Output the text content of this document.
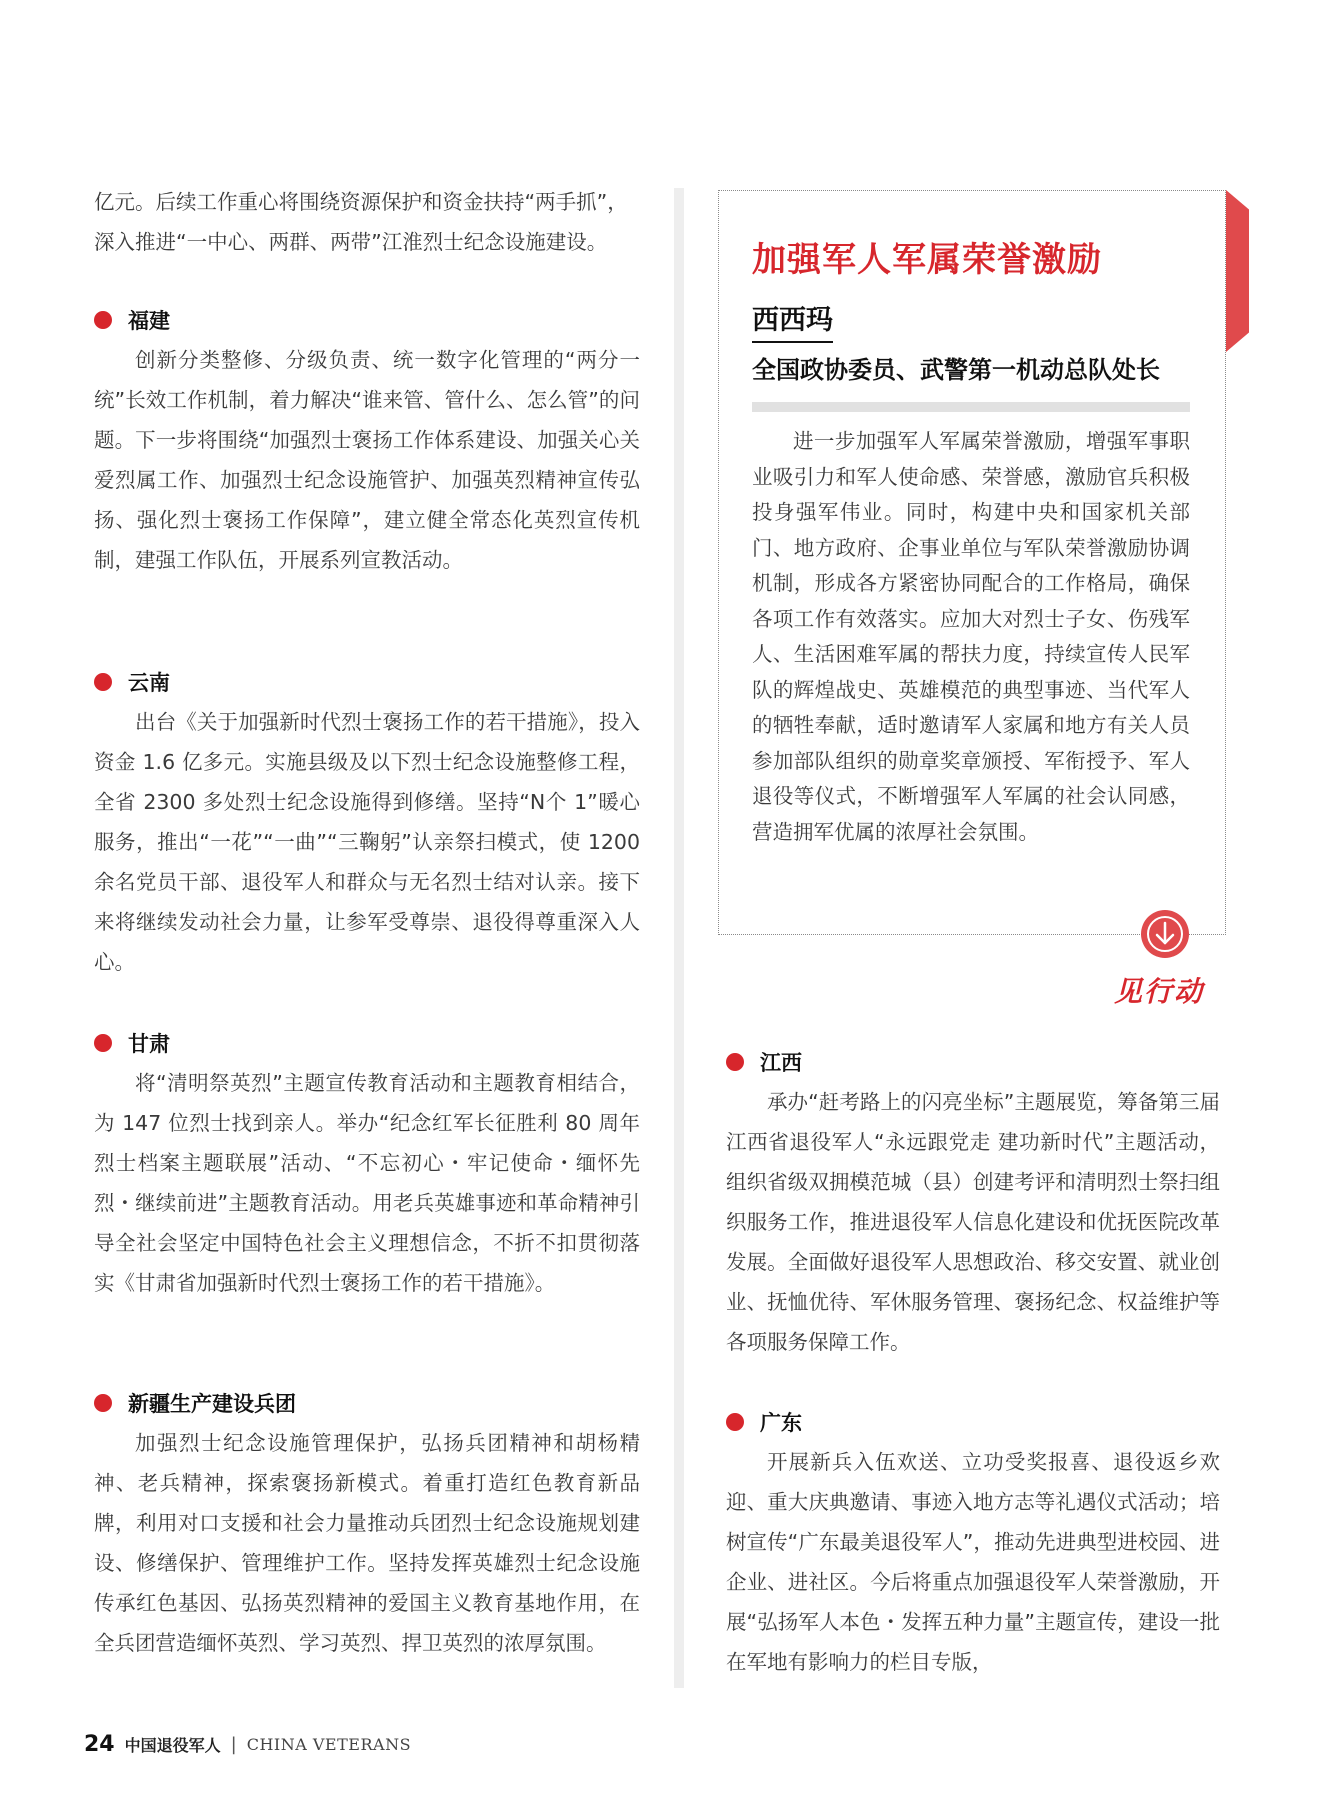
亿元。后续工作重心将围绕资源保护和资金扶持“两手抓”，

深入推进“一中心、两群、两带”江淮烈士纪念设施建设。

福建

创新分类整修、分级负责、统一数字化管理的“两分一统”长效工作机制，着力解决“谁来管、管什么、怎么管”的问题。下一步将围绕“加强烈士褒扬工作体系建设、加强关心关爱烈属工作、加强烈士纪念设施管护、加强英烈精神宣传弘扬、强化烈士褒扬工作保障”，建立健全常态化英烈宣传机制，建强工作队伍，开展系列宣教活动。

云南

出台《关于加强新时代烈士褒扬工作的若干措施》，投入资金 1.6 亿多元。实施县级及以下烈士纪念设施整修工程，全省 2300 多处烈士纪念设施得到修缮。坚持“N个 1”暖心服务，推出“一花”“一曲”“三鞠躬”认亲祭扫模式，使 1200 余名党员干部、退役军人和群众与无名烈士结对认亲。接下来将继续发动社会力量，让参军受尊崇、退役得尊重深入人心。

甘肃

将“清明祭英烈”主题宣传教育活动和主题教育相结合，为 147 位烈士找到亲人。举办“纪念红军长征胜利 80 周年烈士档案主题联展”活动、“不忘初心・牢记使命・缅怀先烈・继续前进”主题教育活动。用老兵英雄事迹和革命精神引导全社会坚定中国特色社会主义理想信念，不折不扣贯彻落实《甘肃省加强新时代烈士褒扬工作的若干措施》。

新疆生产建设兵团

加强烈士纪念设施管理保护，弘扬兵团精神和胡杨精神、老兵精神，探索褒扬新模式。着重打造红色教育新品牌，利用对口支援和社会力量推动兵团烈士纪念设施规划建设、修缮保护、管理维护工作。坚持发挥英雄烈士纪念设施传承红色基因、弘扬英烈精神的爱国主义教育基地作用，在全兵团营造缅怀英烈、学习英烈、捍卫英烈的浓厚氛围。

加强军人军属荣誉激励
西西玛
全国政协委员、武警第一机动总队处长

进一步加强军人军属荣誉激励，增强军事职业吸引力和军人使命感、荣誉感，激励官兵积极投身强军伟业。同时，构建中央和国家机关部门、地方政府、企事业单位与军队荣誉激励协调机制，形成各方紧密协同配合的工作格局，确保各项工作有效落实。应加大对烈士子女、伤残军人、生活困难军属的帮扶力度，持续宣传人民军队的辉煌战史、英雄模范的典型事迹、当代军人的牺牲奉献，适时邀请军人家属和地方有关人员参加部队组织的勋章奖章颁授、军衔授予、军人退役等仪式，不断增强军人军属的社会认同感，营造拥军优属的浓厚社会氛围。

见行动
江西

承办“赶考路上的闪亮坐标”主题展览，筹备第三届江西省退役军人“永远跟党走 建功新时代”主题活动，组织省级双拥模范城（县）创建考评和清明烈士祭扫组织服务工作，推进退役军人信息化建设和优抚医院改革发展。全面做好退役军人思想政治、移交安置、就业创业、抚恤优待、军休服务管理、褒扬纪念、权益维护等各项服务保障工作。

广东

开展新兵入伍欢送、立功受奖报喜、退役返乡欢迎、重大庆典邀请、事迹入地方志等礼遇仪式活动；培树宣传“广东最美退役军人”，推动先进典型进校园、进企业、进社区。今后将重点加强退役军人荣誉激励，开展“弘扬军人本色・发挥五种力量”主题宣传，建设一批在军地有影响力的栏目专版，

24 中国退役军人 | CHINA VETERANS
